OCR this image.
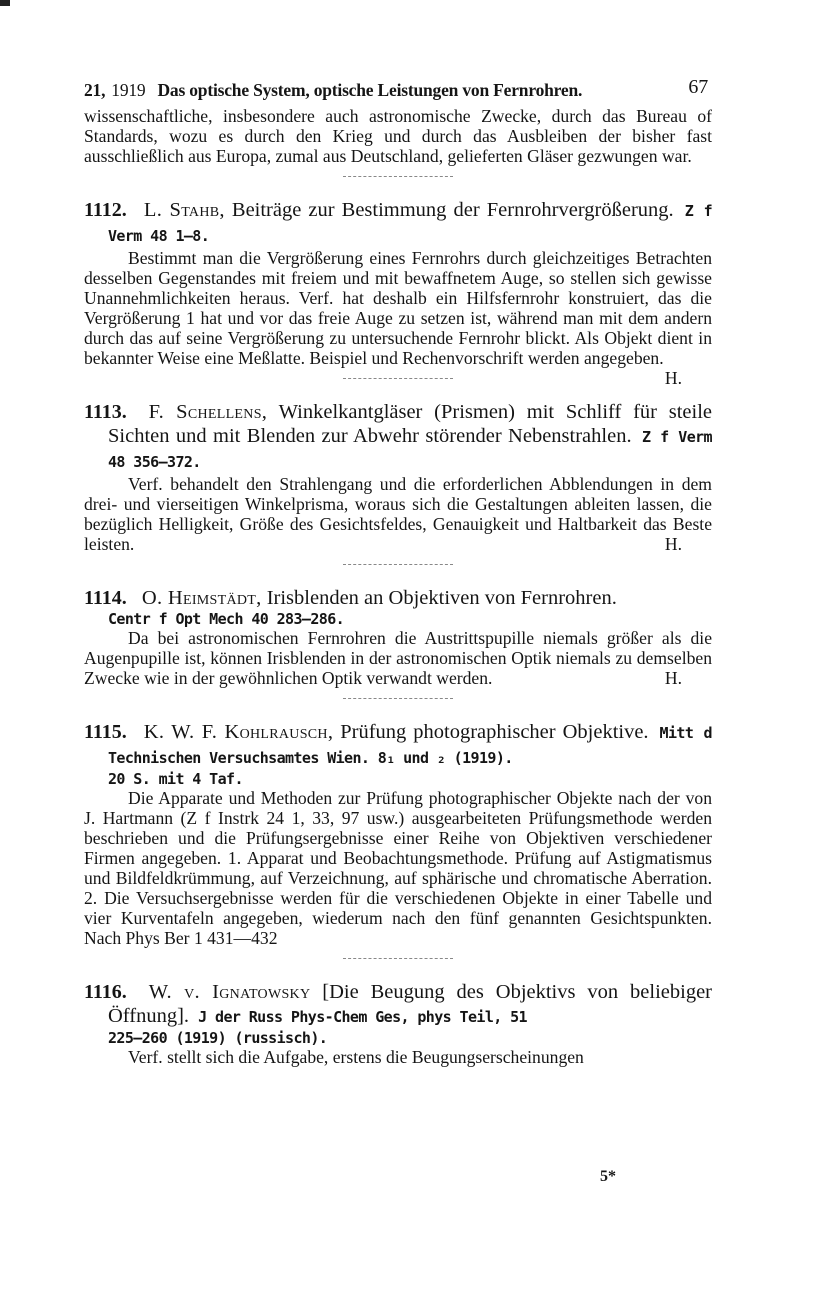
21, 1919 Das optische System, optische Leistungen von Fernrohren.	67

wissenschaftliche, insbesondere auch astronomische Zwecke, durch das Bureau of Standards, wozu es durch den Krieg und durch das Ausbleiben der bisher fast ausschließlich aus Europa, zumal aus Deutschland, gelieferten Gläser gezwungen war.

1112. L. Stahb, Beiträge zur Bestimmung der Fernrohrvergrößerung. Z f Verm 48 1—8.

Bestimmt man die Vergrößerung eines Fernrohrs durch gleichzeitiges Betrachten desselben Gegenstandes mit freiem und mit bewaffnetem Auge, so stellen sich gewisse Unannehmlichkeiten heraus. Verf. hat deshalb ein Hilfsfernrohr konstruiert, das die Vergrößerung 1 hat und vor das freie Auge zu setzen ist, während man mit dem andern durch das auf seine Vergrößerung zu untersuchende Fernrohr blickt. Als Objekt dient in bekannter Weise eine Meßlatte. Beispiel und Rechenvorschrift werden angegeben.
H.

1113. F. Schellens, Winkelkantgläser (Prismen) mit Schliff für steile Sichten und mit Blenden zur Abwehr störender Nebenstrahlen. Z f Verm 48 356—372.

Verf. behandelt den Strahlengang und die erforderlichen Abblendungen in dem drei- und vierseitigen Winkelprisma, woraus sich die Gestaltungen ableiten lassen, die bezüglich Helligkeit, Größe des Gesichtsfeldes, Genauigkeit und Haltbarkeit das Beste leisten.	H.

1114. O. Heimstädt, Irisblenden an Objektiven von Fernrohren.
Centr f Opt Mech 40 283—286.

Da bei astronomischen Fernrohren die Austrittspupille niemals größer als die Augenpupille ist, können Irisblenden in der astronomischen Optik niemals zu demselben Zwecke wie in der gewöhnlichen Optik verwandt werden.	H.

1115. K. W. F. Kohlrausch, Prüfung photographischer Objektive. Mitt d Technischen Versuchsamtes Wien. 8₁ und ₂ (1919).
20 S. mit 4 Taf.

Die Apparate und Methoden zur Prüfung photographischer Objekte nach der von J. Hartmann (Z f Instrk 24 1, 33, 97 usw.) ausgearbeiteten Prüfungsmethode werden beschrieben und die Prüfungsergebnisse einer Reihe von Objektiven verschiedener Firmen angegeben. 1. Apparat und Beobachtungsmethode. Prüfung auf Astigmatismus und Bildfeldkrümmung, auf Verzeichnung, auf sphärische und chromatische Aberration. 2. Die Versuchsergebnisse werden für die verschiedenen Objekte in einer Tabelle und vier Kurventafeln angegeben, wiederum nach den fünf genannten Gesichtspunkten. Nach Phys Ber 1 431—432

1116. W. v. Ignatowsky [Die Beugung des Objektivs von beliebiger Öffnung]. J der Russ Phys-Chem Ges, phys Teil, 51
225—260 (1919) (russisch).

Verf. stellt sich die Aufgabe, erstens die Beugungserscheinungen

5*
